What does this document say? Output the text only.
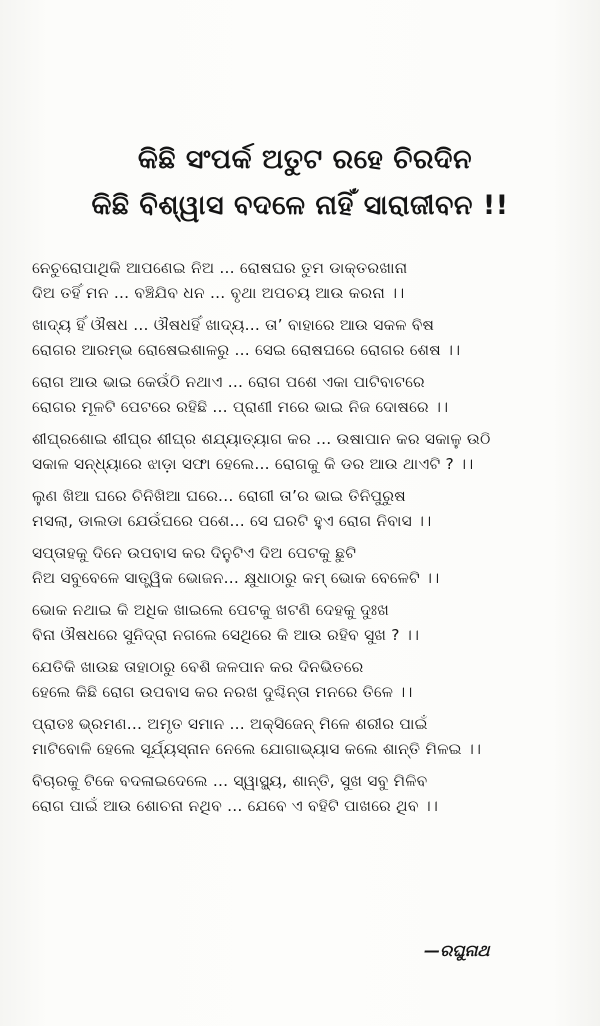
କିଛି ସଂପର୍କ ଅତୁଟ ରହେ ଚିରଦିନ
କିଛି ବିଶ୍ୱାସ ବଦଳେ ନାହିଁ ସାରାଜୀବନ !!
ନେଚୁରୋପାଥିକି ଆପଣେଇ ନିଅ ... ରୋଷଘର ତୁମ ଡାକ୍ତରଖାନା
ଦିଅ ତହିଁ ମନ ... ବଞ୍ଚିଯିବ ଧନ ... ବୃଥା ଅପଚୟ ଆଉ କରନା ।।
ଖାଦ୍ୟ ହିଁ ଔଷଧ ... ଔଷଧହିଁ ଖାଦ୍ୟ... ତା’ ବାହାରେ ଆଉ ସକଳ ବିଷ
ରୋଗର ଆରମ୍ଭ ରୋଷେଇଶାଳରୁ ... ସେଇ ରୋଷଘରେ ରୋଗର ଶେଷ ।।
ରୋଗ ଆଉ ଭାଇ କେଉଁଠି ନଥାଏ ... ରୋଗ ପଶେ ଏକା ପାଟିବାଟରେ
ରୋଗର ମୂଳଟି ପେଟରେ ରହିଛି ... ପ୍ରାଣୀ ମରେ ଭାଇ ନିଜ ଦୋଷରେ ।।
ଶୀଘ୍ରଶୋଇ ଶୀଘ୍ର ଶୀଘ୍ର ଶଯ୍ୟାତ୍ୟାଗ କର ... ଉଷାପାନ କର ସକାଳୁ ଉଠି
ସକାଳ ସନ୍ଧ୍ୟାରେ ଝାଡ଼ା ସଫା ହେଲେ... ରୋଗକୁ କି ଡର ଆଉ ଥାଏଟି ? ।।
ଲୁଣ ଖିଆ ଘରେ ଚିନିଖିଆ ଘରେ... ରୋଗୀ ତା’ର ଭାଇ ତିନିପୁରୁଷ
ମସଲା, ଡାଲଡା ଯେଉଁଘରେ ପଶେ... ସେ ଘରଟି ହୁଏ ରୋଗ ନିବାସ ।।
ସପ୍ତାହକୁ ଦିନେ ଉପବାସ କର ଦିନୁଟିଏ ଦିଅ ପେଟକୁ ଛୁଟି
ନିଅ ସବୁବେଳେ ସାତ୍ତ୍ୱିକ ଭୋଜନ... କ୍ଷୁଧାଠାରୁ କମ୍ ଭୋକ ବେଳେଟି ।।
ଭୋକ ନଥାଇ କି ଅଧିକ ଖାଇଲେ ପେଟକୁ ଖଟଣି ଦେହକୁ ଦୁଃଖ
ବିନା ଔଷଧରେ ସୁନିଦ୍ରା ନଗଲେ ସେଥିରେ କି ଆଉ ରହିବ ସୁଖ ? ।।
ଯେତିକି ଖାଉଛ ତାହାଠାରୁ ବେଶି ଜଳପାନ କର ଦିନଭିତରେ
ହେଲେ କିଛି ରୋଗ ଉପବାସ କର ନରଖ ଦୁଶ୍ଚିନ୍ତା ମନରେ ତିଳେ ।।
ପ୍ରାତଃ ଭ୍ରମଣ... ଅମୃତ ସମାନ ... ଅକ୍ସିଜେନ୍ ମିଳେ ଶରୀର ପାଇଁ
ମାଟିବୋଳି ହେଲେ ସୂର୍ଯ୍ୟସ୍ନାନ ନେଲେ ଯୋଗାଭ୍ୟାସ କଲେ ଶାନ୍ତି ମିଳଇ ।।
ବିଚାରକୁ ଟିକେ ବଦଳାଇଦେଲେ ... ସ୍ୱାସ୍ଥ୍ୟ, ଶାନ୍ତି, ସୁଖ ସବୁ ମିଳିବ
ରୋଗ ପାଇଁ ଆଉ ଶୋଚନା ନଥିବ ... ଯେବେ ଏ ବହିଟି ପାଖରେ ଥିବ ।।
—ରଘୁନାଥ
